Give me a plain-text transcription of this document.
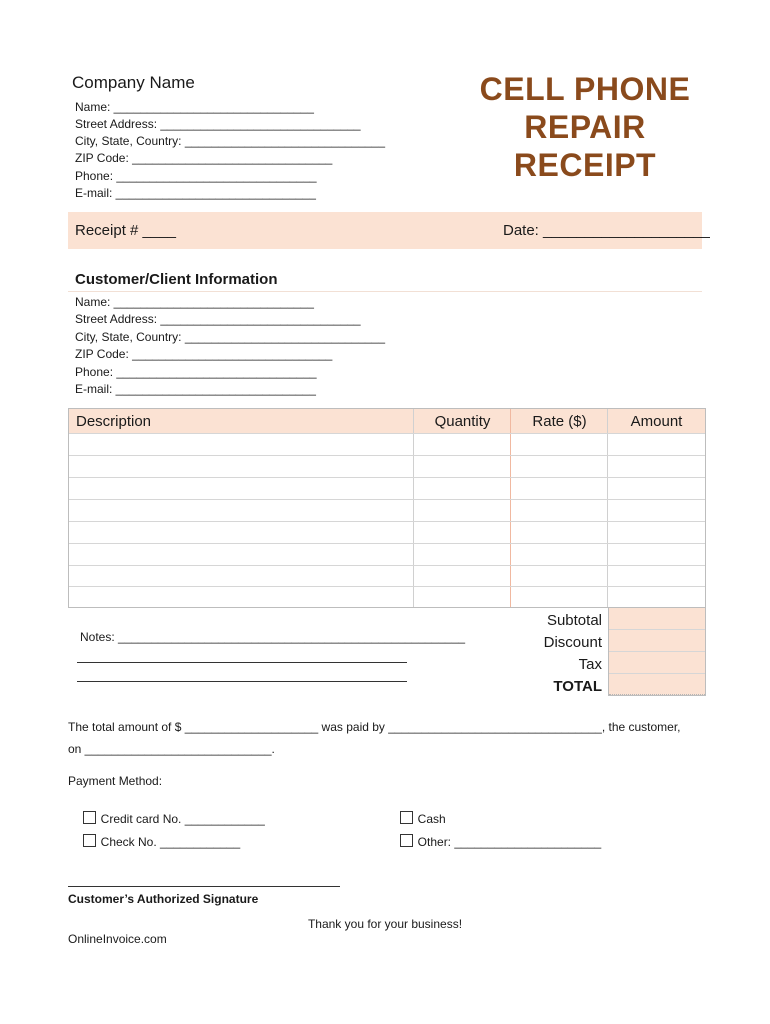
Company Name
Name: ______________________________
Street Address: ______________________________
City, State, Country: ______________________________
ZIP Code: ______________________________
Phone: ______________________________
E-mail: ______________________________
CELL PHONE
REPAIR
RECEIPT
Receipt # ____	Date: ____________________
Customer/Client Information
Name: ______________________________
Street Address: ______________________________
City, State, Country: ______________________________
ZIP Code: ______________________________
Phone: ______________________________
E-mail: ______________________________
Description	Quantity	Rate ($)	Amount
Notes: ____________________________________________________
Subtotal
Discount
Tax
TOTAL
The total amount of $ ____________________ was paid by ________________________________, the customer,
on ____________________________.
Payment Method:

Credit card No. ____________

Check No. ____________

Cash

Other: ______________________

Customer’s Authorized Signature
Thank you for your business!
OnlineInvoice.com
